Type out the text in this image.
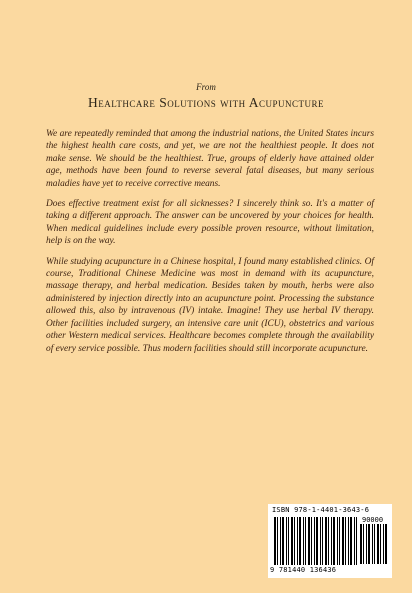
From
Healthcare Solutions with Acupuncture

We are repeatedly reminded that among the industrial nations, the United States incurs the highest health care costs, and yet, we are not the healthiest people. It does not make sense. We should be the healthiest. True, groups of elderly have attained older age, methods have been found to reverse several fatal diseases, but many serious maladies have yet to receive corrective means.

Does effective treatment exist for all sicknesses? I sincerely think so. It's a matter of taking a different approach. The answer can be uncovered by your choices for health. When medical guidelines include every possible proven resource, without limitation, help is on the way.

While studying acupuncture in a Chinese hospital, I found many established clinics. Of course, Traditional Chinese Medicine was most in demand with its acupuncture, massage therapy, and herbal medication. Besides taken by mouth, herbs were also administered by injection directly into an acupuncture point. Processing the substance allowed this, also by intravenous (IV) intake. Imagine! They use herbal IV therapy. Other facilities included surgery, an intensive care unit (ICU), obstetrics and various other Western medical services. Healthcare becomes complete through the availability of every service possible. Thus modern facilities should still incorporate acupuncture.

ISBN 978-1-4401-3643-6
90000
9 781440 136436
